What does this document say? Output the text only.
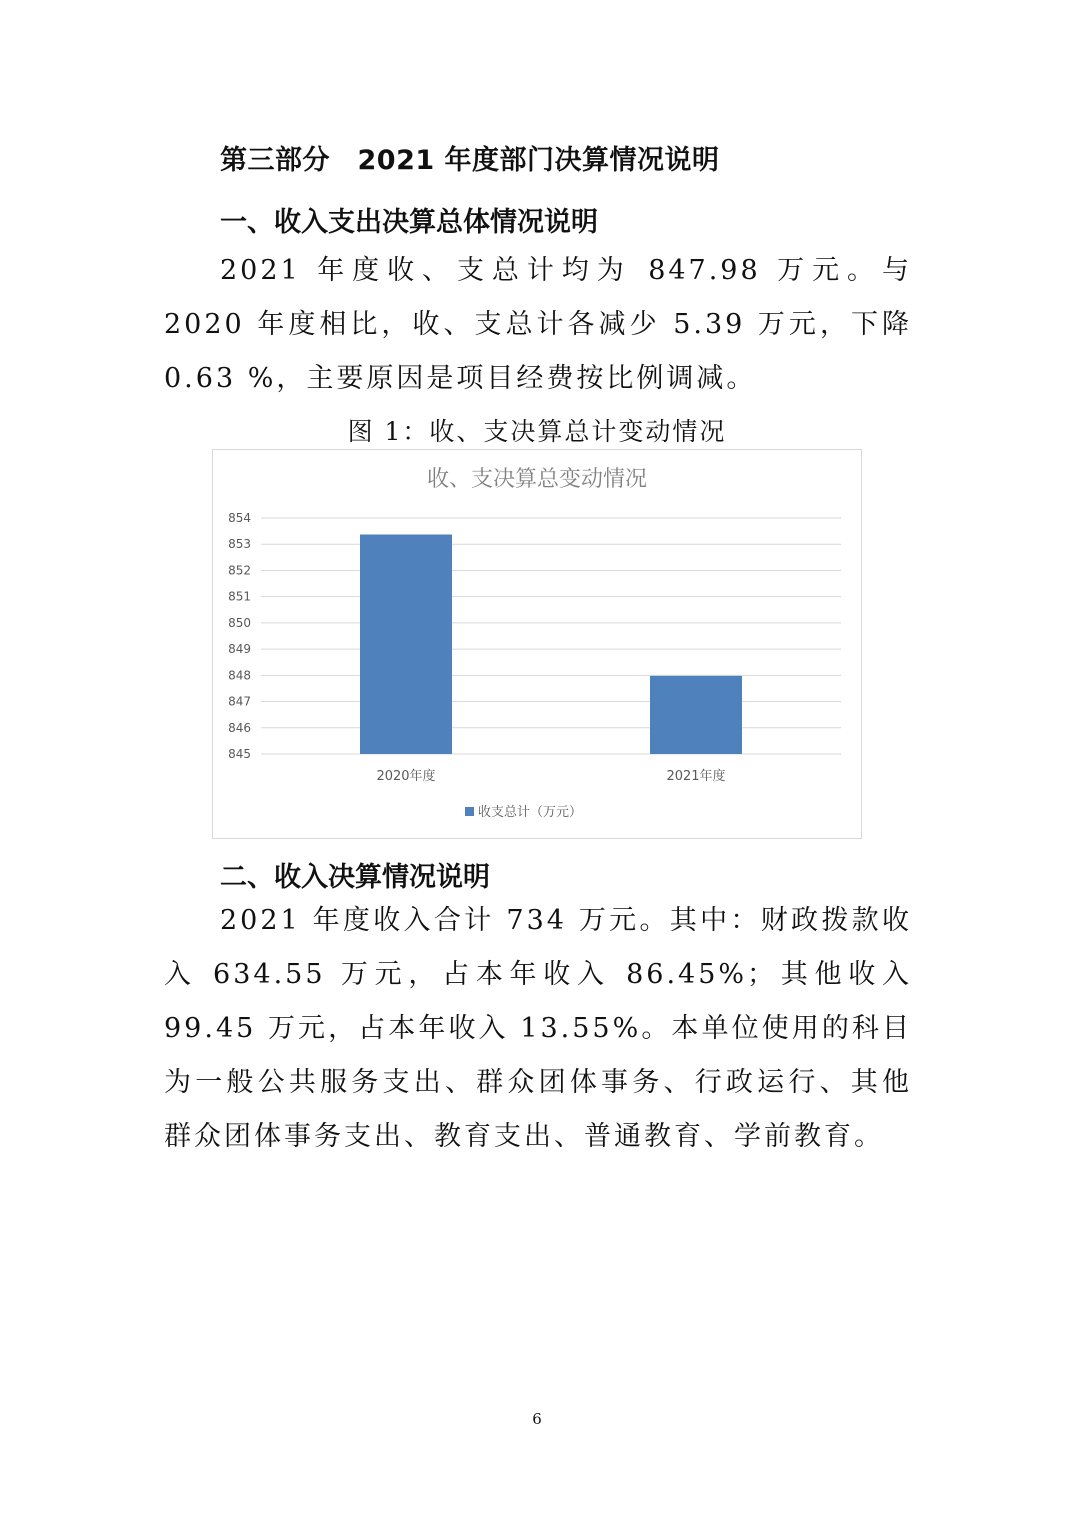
第三部分　2021 年度部门决算情况说明
一、收入支出决算总体情况说明

2021 年度收、支总计均为 847.98 万元。与 2020 年度相比，收、支总计各减少 5.39 万元，下降 0.63 %，主要原因是项目经费按比例调减。

图 1：收、支决算总计变动情况
收、支决算总变动情况
845
846
847
848
849
850
851
852
853
854
2020年度	2021年度
收支总计（万元）
二、收入决算情况说明

2021 年度收入合计 734 万元。其中：财政拨款收入 634.55 万元，占本年收入 86.45%；其他收入 99.45 万元，占本年收入 13.55%。本单位使用的科目为一般公共服务支出、群众团体事务、行政运行、其他群众团体事务支出、教育支出、普通教育、学前教育。

6
